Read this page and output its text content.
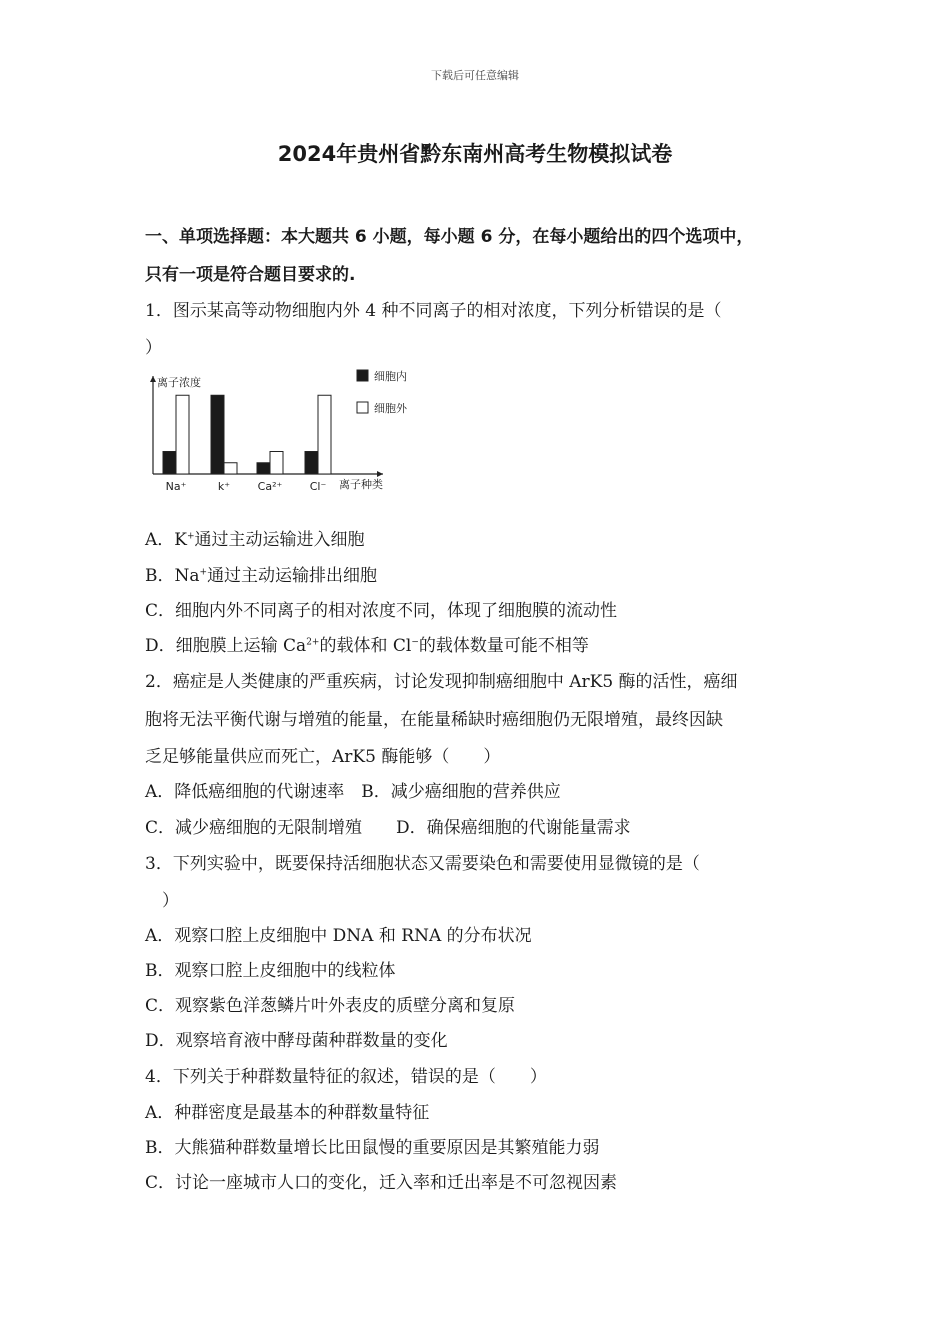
下载后可任意编辑
2024年贵州省黔东南州高考生物模拟试卷
一、单项选择题：本大题共 6 小题，每小题 6 分，在每小题给出的四个选项中，
只有一项是符合题目要求的.
1．图示某高等动物细胞内外 4 种不同离子的相对浓度，下列分析错误的是（
）
离子浓度
离子种类
细胞内
细胞外
Na⁺	k⁺	Ca²⁺ Cl⁻
A．K+通过主动运输进入细胞
B．Na+通过主动运输排出细胞
C．细胞内外不同离子的相对浓度不同，体现了细胞膜的流动性
D．细胞膜上运输 $Ca^{2+}$的载体和 Cl−的载体数量可能不相等
2．癌症是人类健康的严重疾病，讨论发现抑制癌细胞中 ArK5 酶的活性，癌细
胞将无法平衡代谢与增殖的能量，在能量稀缺时癌细胞仍无限增殖，最终因缺
乏足够能量供应而死亡，ArK5 酶能够（　　）
A．降低癌细胞的代谢速率　B．减少癌细胞的营养供应
C．减少癌细胞的无限制增殖　　D．确保癌细胞的代谢能量需求
3．下列实验中，既要保持活细胞状态又需要染色和需要使用显微镜的是（
）
A．观察口腔上皮细胞中 DNA 和 RNA 的分布状况
B．观察口腔上皮细胞中的线粒体
C．观察紫色洋葱鳞片叶外表皮的质壁分离和复原
D．观察培育液中酵母菌种群数量的变化
4．下列关于种群数量特征的叙述，错误的是（　　）
A．种群密度是最基本的种群数量特征
B．大熊猫种群数量增长比田鼠慢的重要原因是其繁殖能力弱
C．讨论一座城市人口的变化，迁入率和迁出率是不可忽视因素
